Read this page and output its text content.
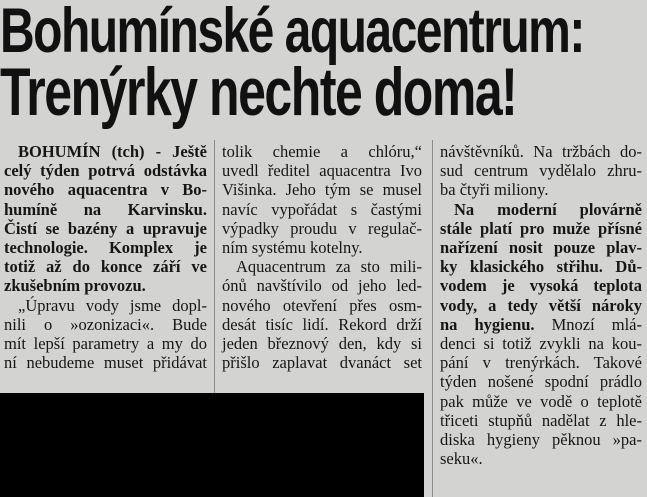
Bohumínské aquacentrum:
Trenýrky nechte doma!
BOHUMÍN (tch) - Ještě
celý týden potrvá odstávka
nového aquacentra v Bo-
humíně na Karvinsku.
Čistí se bazény a upravuje
technologie. Komplex je
totiž až do konce září ve
zkušebním provozu.
„Úpravu vody jsme dopl-
nili o »ozonizaci«. Bude
mít lepší parametry a my do
ní nebudeme muset přidávat
tolik chemie a chlóru,“
uvedl ředitel aquacentra Ivo
Višinka. Jeho tým se musel
navíc vypořádat s častými
výpadky proudu v regulač-
ním systému kotelny.
Aquacentrum za sto mili-
ónů navštívilo od jeho led-
nového otevření přes osm-
desát tisíc lidí. Rekord drží
jeden březnový den, kdy si
přišlo zaplavat dvanáct set
návštěvníků. Na tržbách do-
sud centrum vydělalo zhru-
ba čtyři miliony.
Na moderní plovárně
stále platí pro muže přísné
nařízení nosit pouze plav-
ky klasického střihu. Dů-
vodem je vysoká teplota
vody, a tedy větší nároky
na hygienu. Mnozí mlá-
denci si totiž zvykli na kou-
pání v trenýrkách. Takové
týden nošené spodní prádlo
pak může ve vodě o teplotě
třiceti stupňů nadělat z hle-
diska hygieny pěknou »pa-
seku«.
